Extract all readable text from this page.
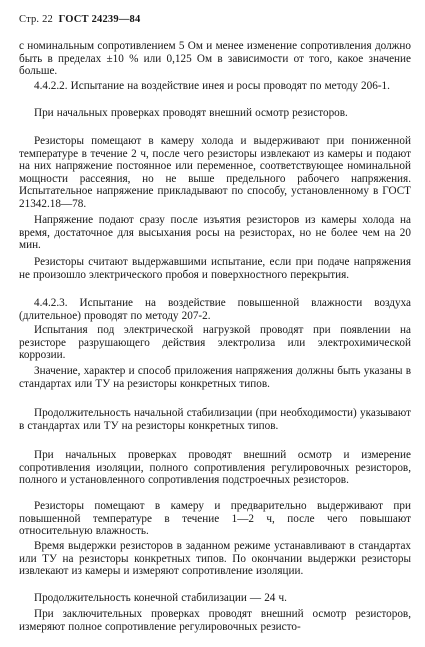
Стр. 22 ГОСТ 24239—84
с номинальным сопротивлением 5 Ом и менее изменение сопротивления должно быть в пределах ±10 % или 0,125 Ом в зависимости от того, какое значение больше.
4.4.2.2. Испытание на воздействие инея и росы проводят по методу 206-1.
При начальных проверках проводят внешний осмотр резисторов.
Резисторы помещают в камеру холода и выдерживают при пониженной температуре в течение 2 ч, после чего резисторы извлекают из камеры и подают на них напряжение постоянное или переменное, соответствующее номинальной мощности рассеяния, но не выше предельного рабочего напряжения. Испытательное напряжение прикладывают по способу, установленному в ГОСТ 21342.18—78.
Напряжение подают сразу после изъятия резисторов из камеры холода на время, достаточное для высыхания росы на резисторах, но не более чем на 20 мин.
Резисторы считают выдержавшими испытание, если при подаче напряжения не произошло электрического пробоя и поверхностного перекрытия.
4.4.2.3. Испытание на воздействие повышенной влажности воздуха (длительное) проводят по методу 207-2.
Испытания под электрической нагрузкой проводят при появлении на резисторе разрушающего действия электролиза или электрохимической коррозии.
Значение, характер и способ приложения напряжения должны быть указаны в стандартах или ТУ на резисторы конкретных типов.
Продолжительность начальной стабилизации (при необходимости) указывают в стандартах или ТУ на резисторы конкретных типов.
При начальных проверках проводят внешний осмотр и измерение сопротивления изоляции, полного сопротивления регулировочных резисторов, полного и установленного сопротивления подстроечных резисторов.
Резисторы помещают в камеру и предварительно выдерживают при повышенной температуре в течение 1—2 ч, после чего повышают относительную влажность.
Время выдержки резисторов в заданном режиме устанавливают в стандартах или ТУ на резисторы конкретных типов. По окончании выдержки резисторы извлекают из камеры и измеряют сопротивление изоляции.
Продолжительность конечной стабилизации — 24 ч.
При заключительных проверках проводят внешний осмотр резисторов, измеряют полное сопротивление регулировочных резисто-
